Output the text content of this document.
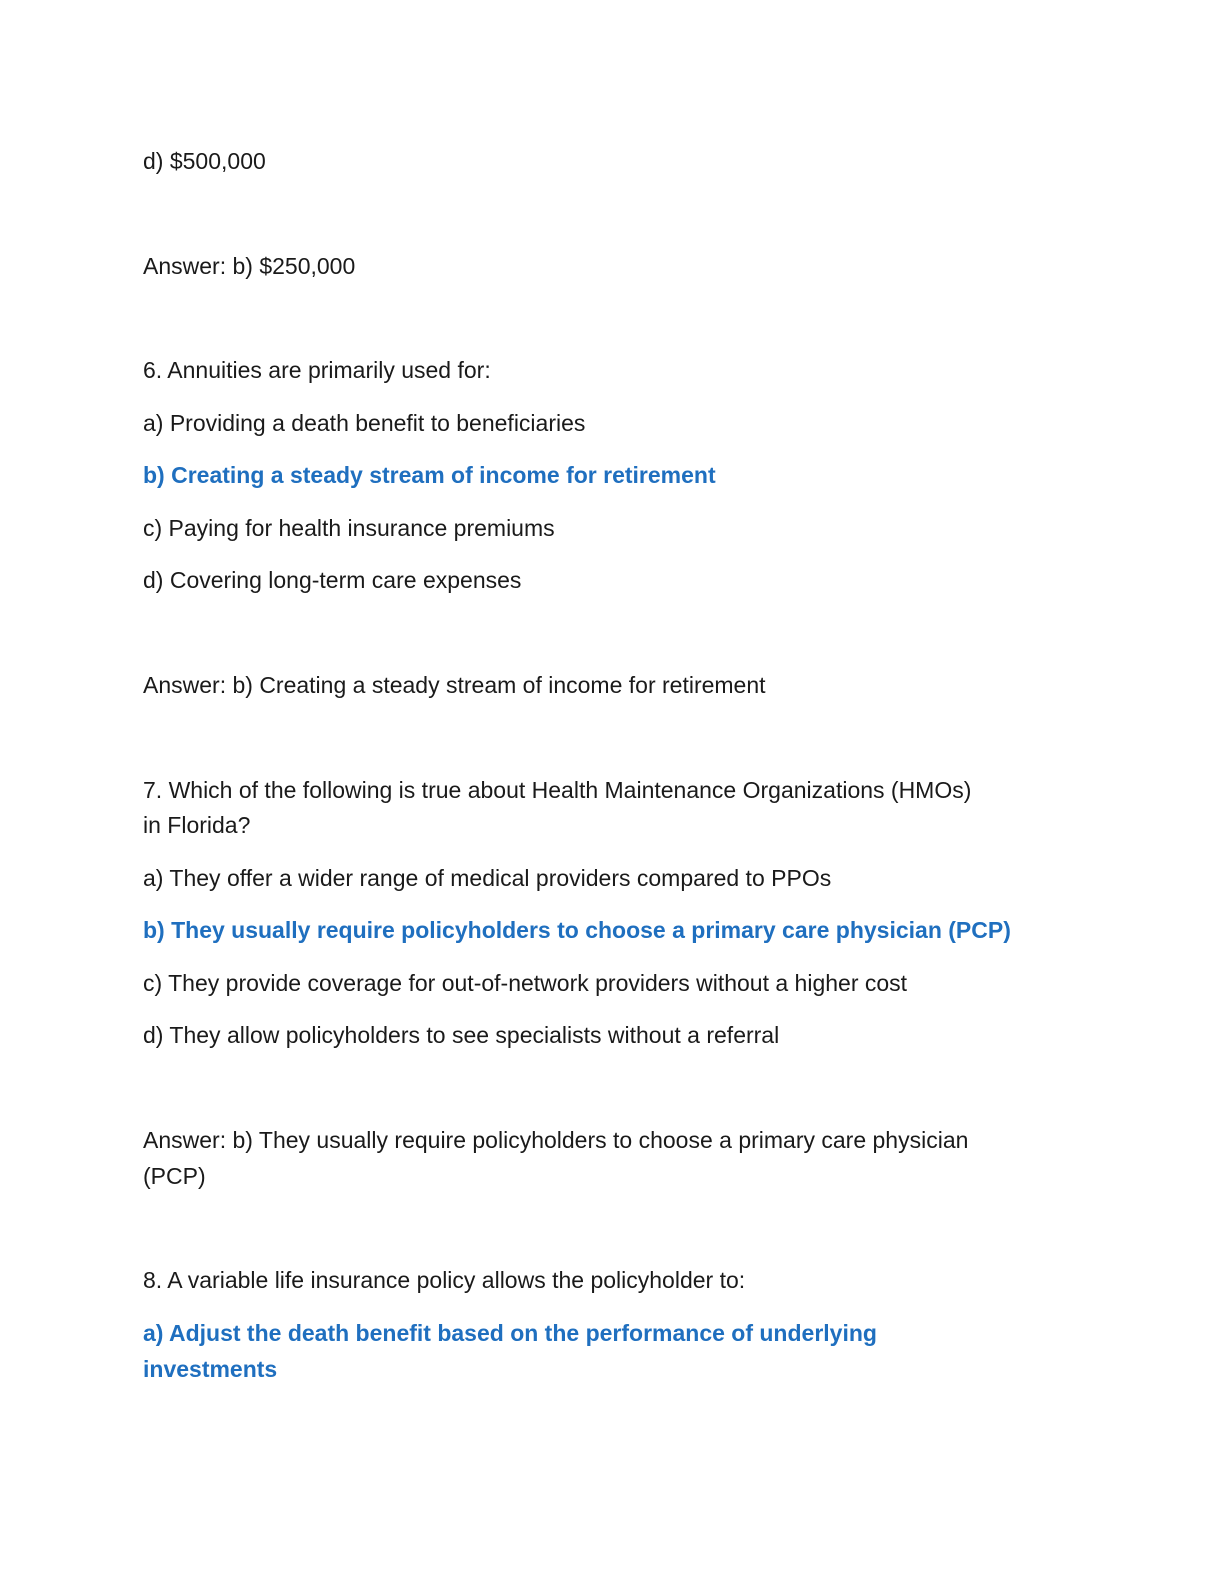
d) $500,000

Answer: b) $250,000

6. Annuities are primarily used for:

a) Providing a death benefit to beneficiaries

b) Creating a steady stream of income for retirement

c) Paying for health insurance premiums

d) Covering long-term care expenses

Answer: b) Creating a steady stream of income for retirement

7. Which of the following is true about Health Maintenance Organizations (HMOs)

in Florida?

a) They offer a wider range of medical providers compared to PPOs

b) They usually require policyholders to choose a primary care physician (PCP)

c) They provide coverage for out-of-network providers without a higher cost

d) They allow policyholders to see specialists without a referral

Answer: b) They usually require policyholders to choose a primary care physician

(PCP)

8. A variable life insurance policy allows the policyholder to:

a) Adjust the death benefit based on the performance of underlying

investments
